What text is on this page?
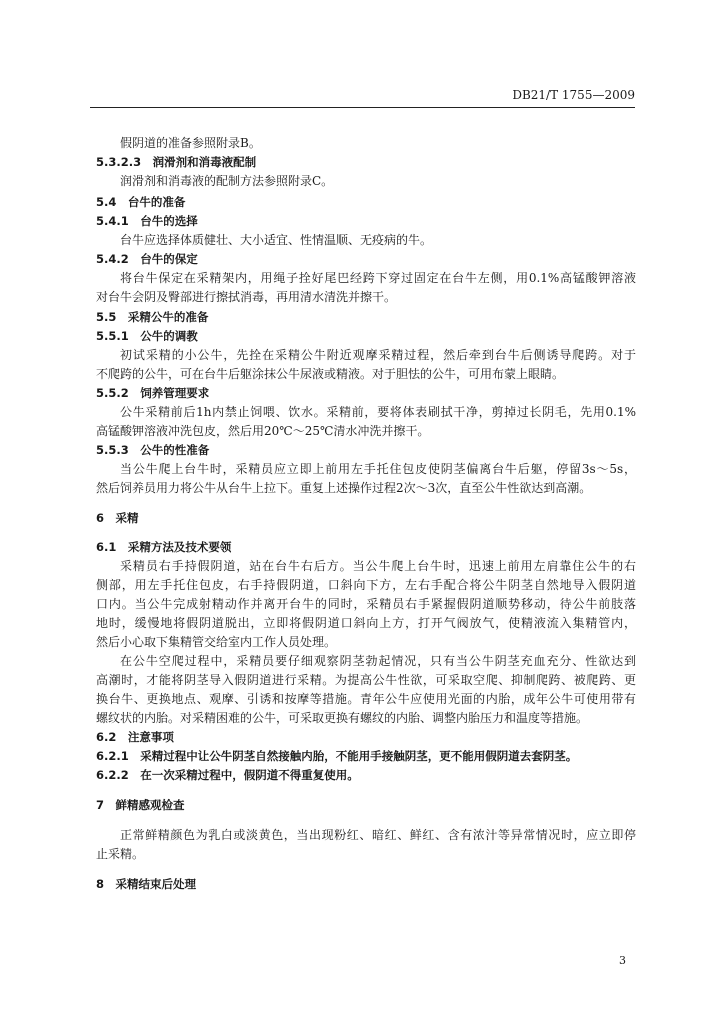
DB21/T 1755—2009
假阴道的准备参照附录B。
5.3.2.3　润滑剂和消毒液配制
润滑剂和消毒液的配制方法参照附录C。
5.4　台牛的准备
5.4.1　台牛的选择
台牛应选择体质健壮、大小适宜、性情温顺、无疫病的牛。
5.4.2　台牛的保定
将台牛保定在采精架内，用绳子拴好尾巴经跨下穿过固定在台牛左侧，用0.1%高锰酸钾溶液
对台牛会阴及臀部进行擦拭消毒，再用清水清洗并擦干。
5.5　采精公牛的准备
5.5.1　公牛的调教
初试采精的小公牛，先拴在采精公牛附近观摩采精过程，然后牵到台牛后侧诱导爬跨。对于
不爬跨的公牛，可在台牛后躯涂抹公牛尿液或精液。对于胆怯的公牛，可用布蒙上眼睛。
5.5.2　饲养管理要求
公牛采精前后1h内禁止饲喂、饮水。采精前，要将体表刷拭干净，剪掉过长阴毛，先用0.1%
高锰酸钾溶液冲洗包皮，然后用20℃～25℃清水冲洗并擦干。
5.5.3　公牛的性准备
当公牛爬上台牛时，采精员应立即上前用左手托住包皮使阴茎偏离台牛后躯，停留3s～5s，
然后饲养员用力将公牛从台牛上拉下。重复上述操作过程2次～3次，直至公牛性欲达到高潮。
6　采精
6.1　采精方法及技术要领
采精员右手持假阴道，站在台牛右后方。当公牛爬上台牛时，迅速上前用左肩靠住公牛的右
侧部，用左手托住包皮，右手持假阴道，口斜向下方，左右手配合将公牛阴茎自然地导入假阴道
口内。当公牛完成射精动作并离开台牛的同时，采精员右手紧握假阴道顺势移动，待公牛前肢落
地时，缓慢地将假阴道脱出，立即将假阴道口斜向上方，打开气阀放气，使精液流入集精管内，
然后小心取下集精管交给室内工作人员处理。
在公牛空爬过程中，采精员要仔细观察阴茎勃起情况，只有当公牛阴茎充血充分、性欲达到
高潮时，才能将阴茎导入假阴道进行采精。为提高公牛性欲，可采取空爬、抑制爬跨、被爬跨、更
换台牛、更换地点、观摩、引诱和按摩等措施。青年公牛应使用光面的内胎，成年公牛可使用带有
螺纹状的内胎。对采精困难的公牛，可采取更换有螺纹的内胎、调整内胎压力和温度等措施。
6.2　注意事项
6.2.1　采精过程中让公牛阴茎自然接触内胎，不能用手接触阴茎，更不能用假阴道去套阴茎。
6.2.2　在一次采精过程中，假阴道不得重复使用。
7　鲜精感观检查
正常鲜精颜色为乳白或淡黄色，当出现粉红、暗红、鲜红、含有浓汁等异常情况时，应立即停
止采精。
8　采精结束后处理
3
